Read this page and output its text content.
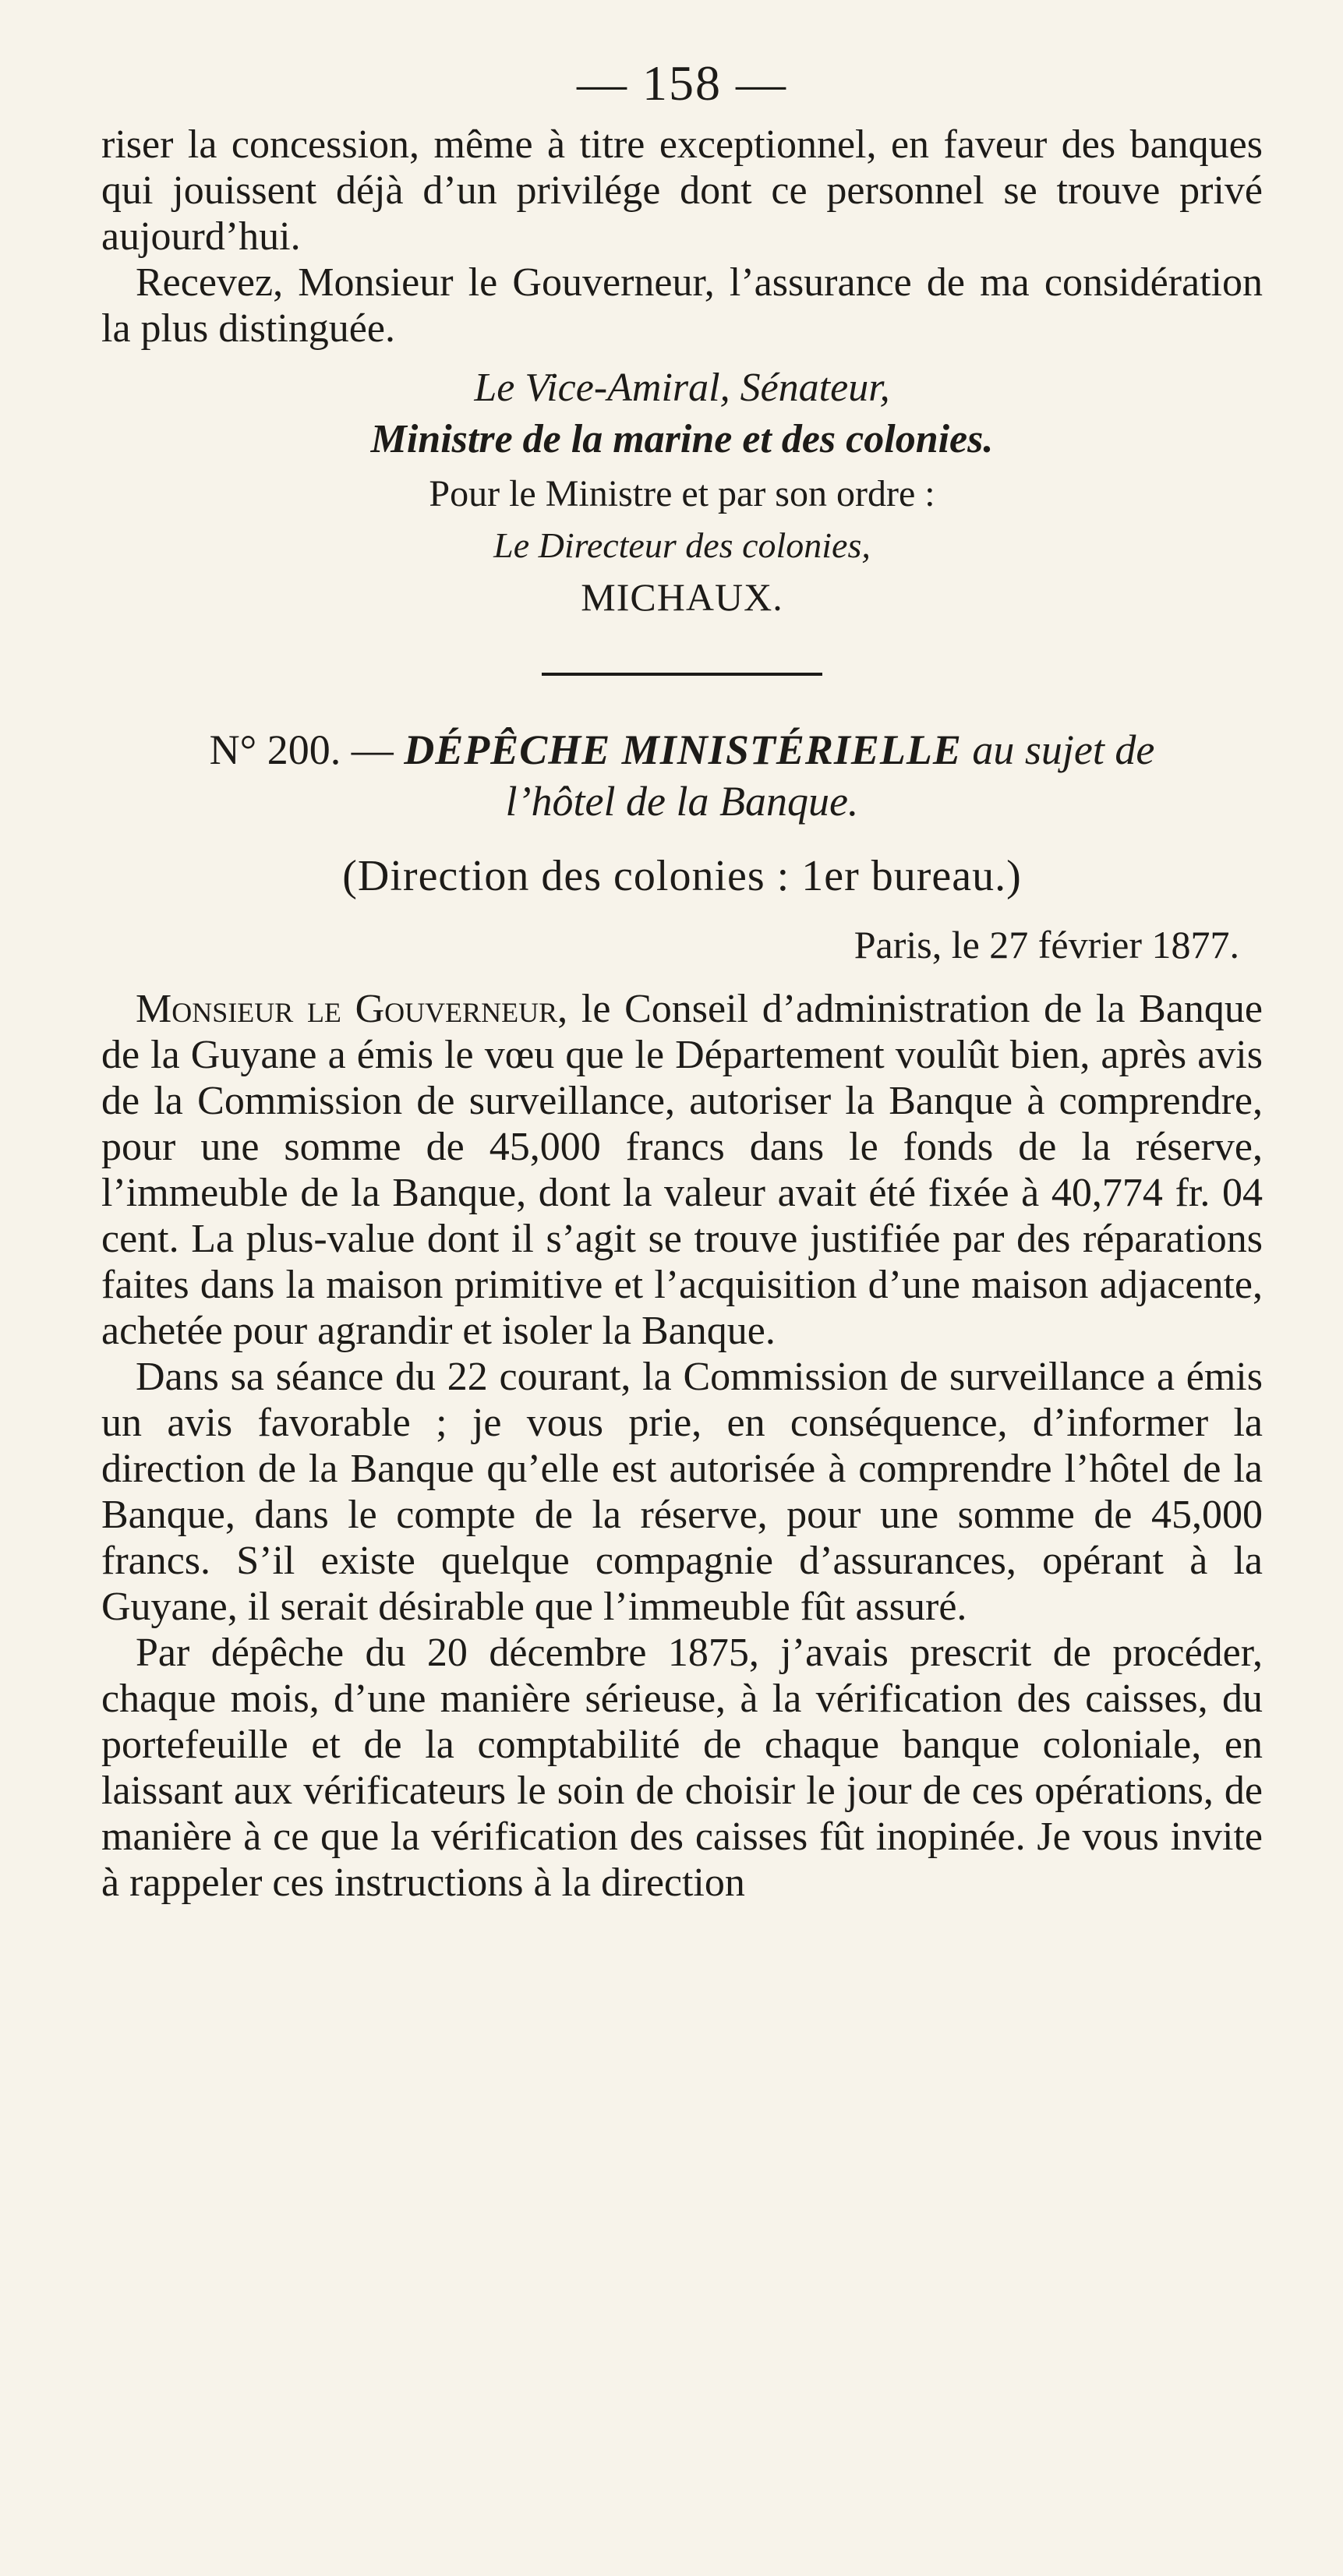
— 158 —

riser la concession, même à titre exceptionnel, en faveur des banques qui jouissent déjà d’un privilége dont ce personnel se trouve privé aujourd’hui.

Recevez, Monsieur le Gouverneur, l’assurance de ma considération la plus distinguée.

Le Vice-Amiral, Sénateur,
Ministre de la marine et des colonies.
Pour le Ministre et par son ordre :
Le Directeur des colonies,
MICHAUX.
N° 200. — DÉPÊCHE MINISTÉRIELLE au sujet de
l’hôtel de la Banque.
(Direction des colonies : 1er bureau.)
Paris, le 27 février 1877.

Monsieur le Gouverneur, le Conseil d’administration de la Banque de la Guyane a émis le vœu que le Département voulût bien, après avis de la Commission de surveillance, autoriser la Banque à comprendre, pour une somme de 45,000 francs dans le fonds de la réserve, l’immeuble de la Banque, dont la valeur avait été fixée à 40,774 fr. 04 cent. La plus-value dont il s’agit se trouve justifiée par des réparations faites dans la maison primitive et l’acquisition d’une maison adjacente, achetée pour agrandir et isoler la Banque.

Dans sa séance du 22 courant, la Commission de surveillance a émis un avis favorable ; je vous prie, en conséquence, d’informer la direction de la Banque qu’elle est autorisée à comprendre l’hôtel de la Banque, dans le compte de la réserve, pour une somme de 45,000 francs. S’il existe quelque compagnie d’assurances, opérant à la Guyane, il serait désirable que l’immeuble fût assuré.

Par dépêche du 20 décembre 1875, j’avais prescrit de procéder, chaque mois, d’une manière sérieuse, à la vérification des caisses, du portefeuille et de la comptabilité de chaque banque coloniale, en laissant aux vérificateurs le soin de choisir le jour de ces opérations, de manière à ce que la vérification des caisses fût inopinée. Je vous invite à rappeler ces instructions à la direction
